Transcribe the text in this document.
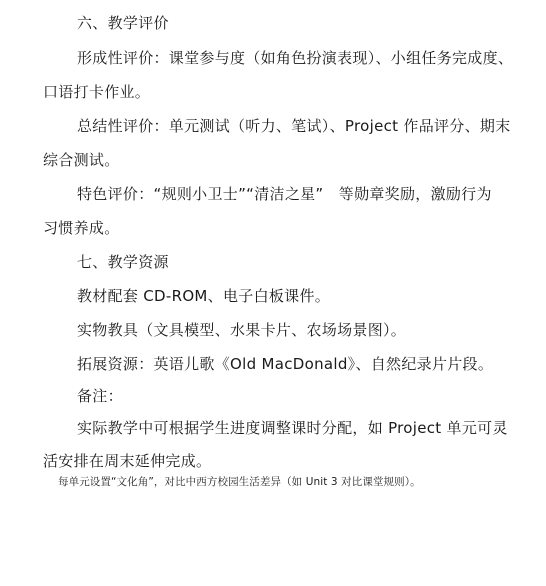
六、教学评价
形成性评价：课堂参与度（如角色扮演表现）、小组任务完成度、
口语打卡作业。
总结性评价：单元测试（听力、笔试）、Project 作品评分、期末
综合测试。
特色评价：“规则小卫士”“清洁之星”　等勋章奖励，激励行为
习惯养成。
七、教学资源
教材配套 CD-ROM、电子白板课件。
实物教具（文具模型、水果卡片、农场场景图）。
拓展资源：英语儿歌《Old MacDonald》、自然纪录片片段。
备注：
实际教学中可根据学生进度调整课时分配，如 Project 单元可灵
活安排在周末延伸完成。
每单元设置“文化角”，对比中西方校园生活差异（如 Unit 3 对比课堂规则）。
